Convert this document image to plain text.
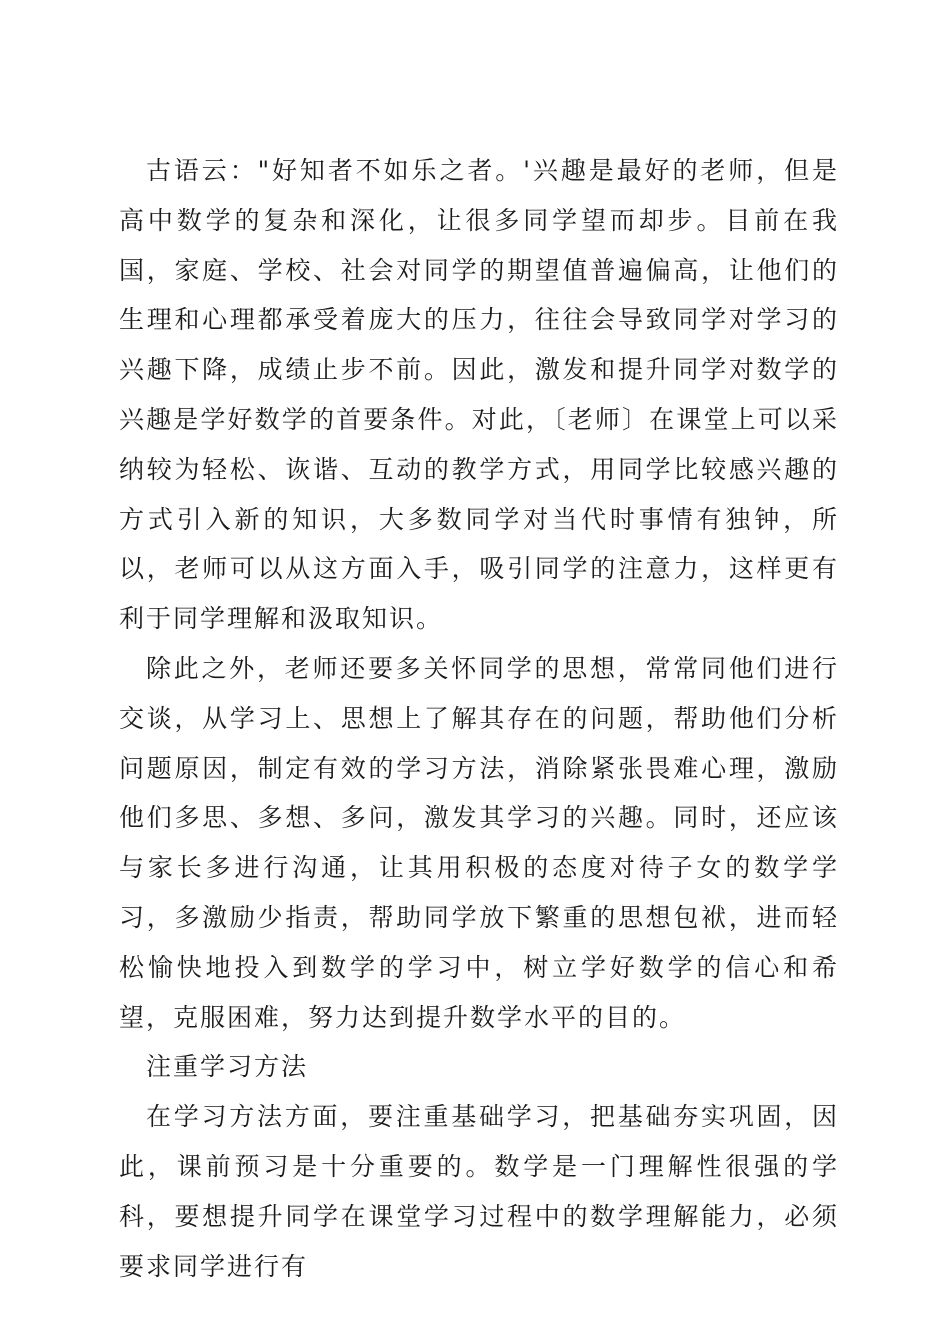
古语云："好知者不如乐之者。'兴趣是最好的老师，但是高中数学的复杂和深化，让很多同学望而却步。目前在我国，家庭、学校、社会对同学的期望值普遍偏高，让他们的生理和心理都承受着庞大的压力，往往会导致同学对学习的兴趣下降，成绩止步不前。因此，激发和提升同学对数学的兴趣是学好数学的首要条件。对此，〔老师〕在课堂上可以采纳较为轻松、诙谐、互动的教学方式，用同学比较感兴趣的方式引入新的知识，大多数同学对当代时事情有独钟，所以，老师可以从这方面入手，吸引同学的注意力，这样更有利于同学理解和汲取知识。

除此之外，老师还要多关怀同学的思想，常常同他们进行交谈，从学习上、思想上了解其存在的问题，帮助他们分析问题原因，制定有效的学习方法，消除紧张畏难心理，激励他们多思、多想、多问，激发其学习的兴趣。同时，还应该与家长多进行沟通，让其用积极的态度对待子女的数学学习，多激励少指责，帮助同学放下繁重的思想包袱，进而轻松愉快地投入到数学的学习中，树立学好数学的信心和希望，克服困难，努力达到提升数学水平的目的。

注重学习方法

在学习方法方面，要注重基础学习，把基础夯实巩固，因此，课前预习是十分重要的。数学是一门理解性很强的学科，要想提升同学在课堂学习过程中的数学理解能力，必须要求同学进行有
